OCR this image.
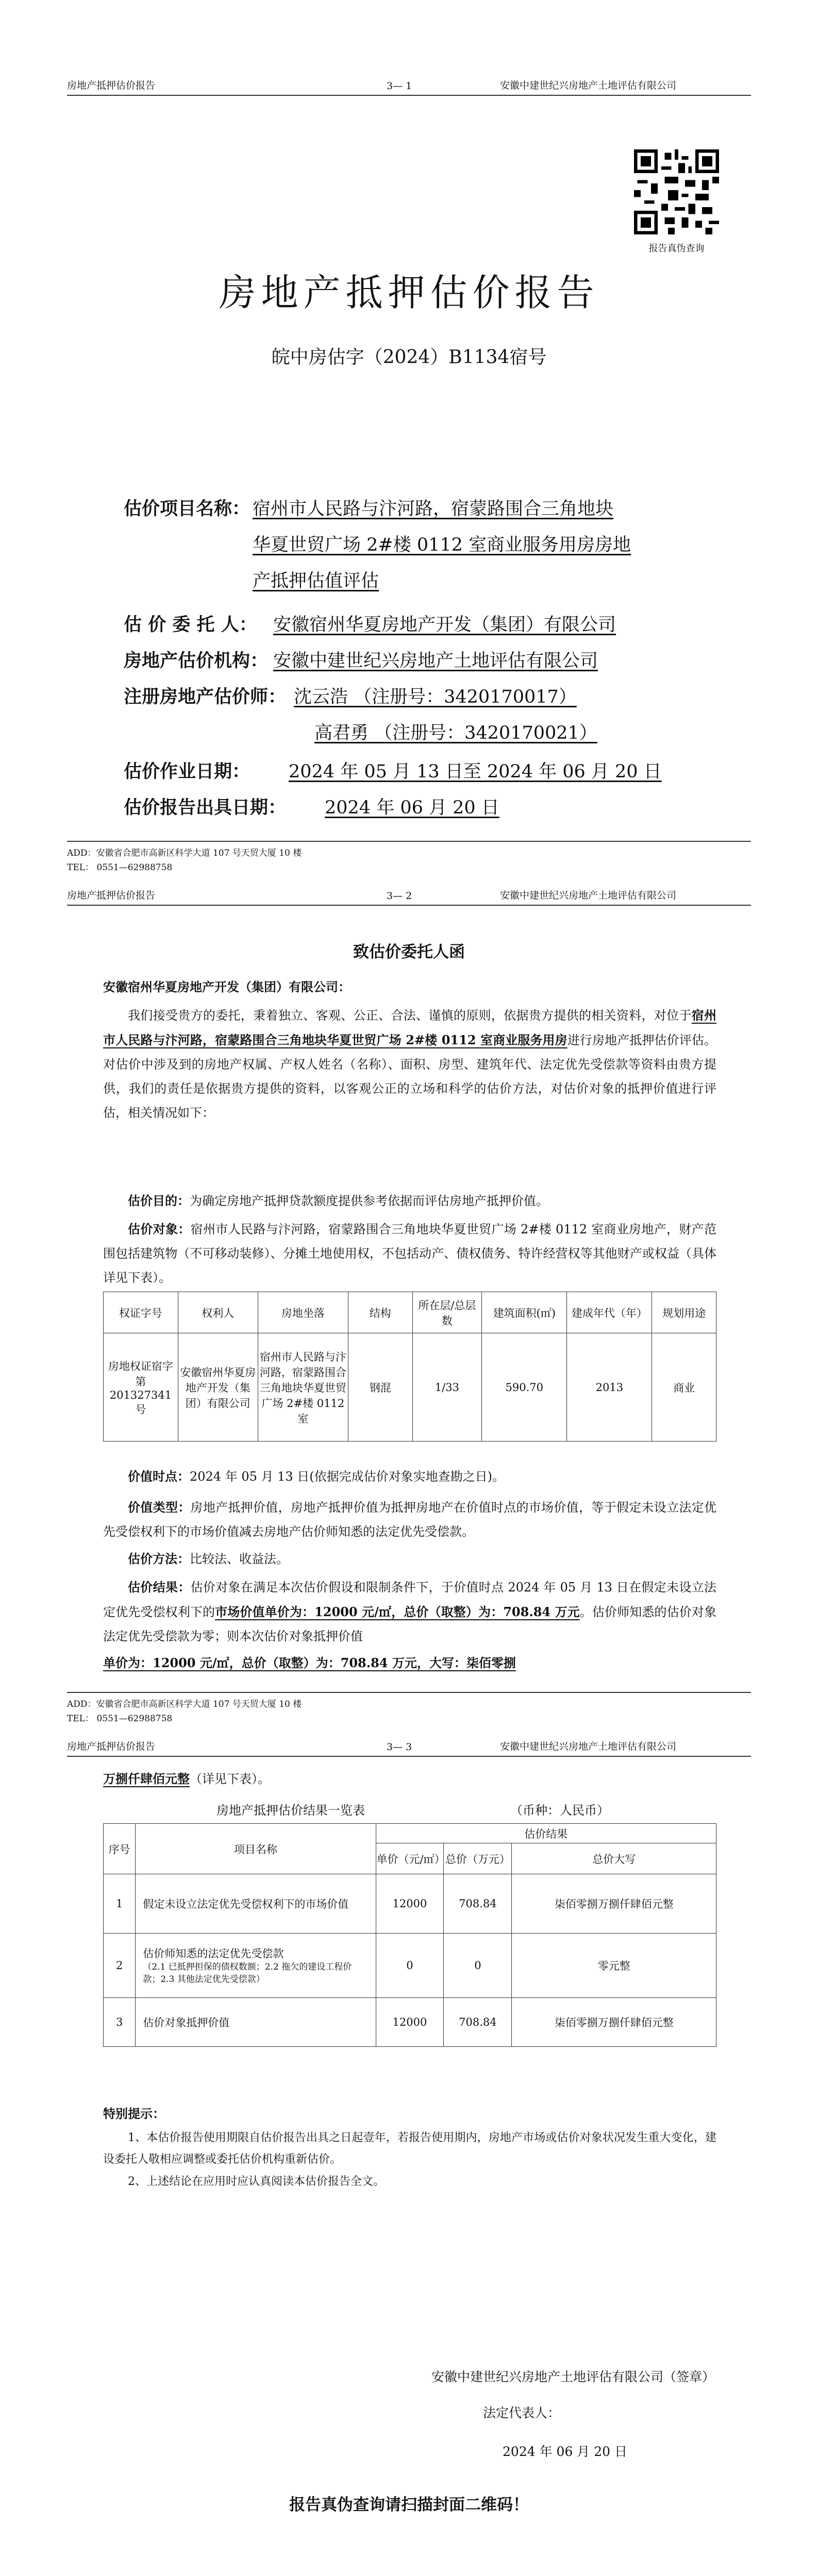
房地产抵押估价报告	3— 1	安徽中建世纪兴房地产土地评估有限公司
报告真伪查询
房地产抵押估价报告
皖中房估字（2024）B1134宿号
估价项目名称： 宿州市人民路与汴河路，宿蒙路围合三角地块
华夏世贸广场 2#楼 0112 室商业服务用房房地
产抵押估值评估
估 价 委 托 人： 安徽宿州华夏房地产开发（集团）有限公司
房地产估价机构： 安徽中建世纪兴房地产土地评估有限公司
注册房地产估价师： 沈云浩 （注册号：3420170017）
高君勇 （注册号：3420170021）
估价作业日期： 2024 年 05 月 13 日至 2024 年 06 月 20 日
估价报告出具日期： 2024 年 06 月 20 日
ADD：安徽省合肥市高新区科学大道 107 号天贸大厦 10 楼
TEL： 0551—62988758
房地产抵押估价报告	3— 2	安徽中建世纪兴房地产土地评估有限公司
致估价委托人函
安徽宿州华夏房地产开发（集团）有限公司：
我们接受贵方的委托，秉着独立、客观、公正、合法、谨慎的原则，依据贵方提供的相关资料，对位于宿州市人民路与汴河路，宿蒙路围合三角地块华夏世贸广场 2#楼 0112 室商业服务用房进行房地产抵押估价评估。对估价中涉及到的房地产权属、产权人姓名（名称）、面积、房型、建筑年代、法定优先受偿款等资料由贵方提供，我们的责任是依据贵方提供的资料，以客观公正的立场和科学的估价方法，对估价对象的抵押价值进行评估，相关情况如下：
估价目的：为确定房地产抵押贷款额度提供参考依据而评估房地产抵押价值。
估价对象：宿州市人民路与汴河路，宿蒙路围合三角地块华夏世贸广场 2#楼 0112 室商业房地产，财产范围包括建筑物（不可移动装修）、分摊土地使用权，不包括动产、债权债务、特许经营权等其他财产或权益（具体详见下表）。
权证字号	权利人	房地坐落	结构	所在层/总层数	建筑面积(㎡)	建成年代（年）	规划用途
房地权证宿字第 201327341 号	安徽宿州华夏房地产开发（集团）有限公司	宿州市人民路与汴河路，宿蒙路围合三角地块华夏世贸广场 2#楼 0112 室	钢混	1/33	590.70	2013	商业
价值时点：2024 年 05 月 13 日(依据完成估价对象实地查勘之日)。
价值类型：房地产抵押价值，房地产抵押价值为抵押房地产在价值时点的市场价值，等于假定未设立法定优先受偿权利下的市场价值减去房地产估价师知悉的法定优先受偿款。
估价方法：比较法、收益法。
估价结果：估价对象在满足本次估价假设和限制条件下，于价值时点 2024 年 05 月 13 日在假定未设立法定优先受偿权利下的市场价值单价为：12000 元/㎡，总价（取整）为：708.84 万元。估价师知悉的估价对象法定优先受偿款为零；则本次估价对象抵押价值
单价为：12000 元/㎡，总价（取整）为：708.84 万元，大写：柒佰零捌
ADD：安徽省合肥市高新区科学大道 107 号天贸大厦 10 楼
TEL： 0551—62988758
房地产抵押估价报告	3— 3	安徽中建世纪兴房地产土地评估有限公司
万捌仟肆佰元整（详见下表）。
房地产抵押估价结果一览表	（币种：人民币）
序号	项目名称	估价结果		
		单价（元/㎡）	总价（万元）	总价大写
1	假定未设立法定优先受偿权利下的市场价值	12000	708.84	柒佰零捌万捌仟肆佰元整
2	估价师知悉的法定优先受偿款
（2.1 已抵押担保的债权数额；2.2 拖欠的建设工程价款；2.3 其他法定优先受偿款）	0	0	零元整
3	估价对象抵押价值	12000	708.84	柒佰零捌万捌仟肆佰元整
特别提示：
1、本估价报告使用期限自估价报告出具之日起壹年，若报告使用期内，房地产市场或估价对象状况发生重大变化，建设委托人敬相应调整或委托估价机构重新估价。
2、上述结论在应用时应认真阅读本估价报告全文。
安徽中建世纪兴房地产土地评估有限公司（签章）
法定代表人：
2024 年 06 月 20 日
报告真伪查询请扫描封面二维码！
